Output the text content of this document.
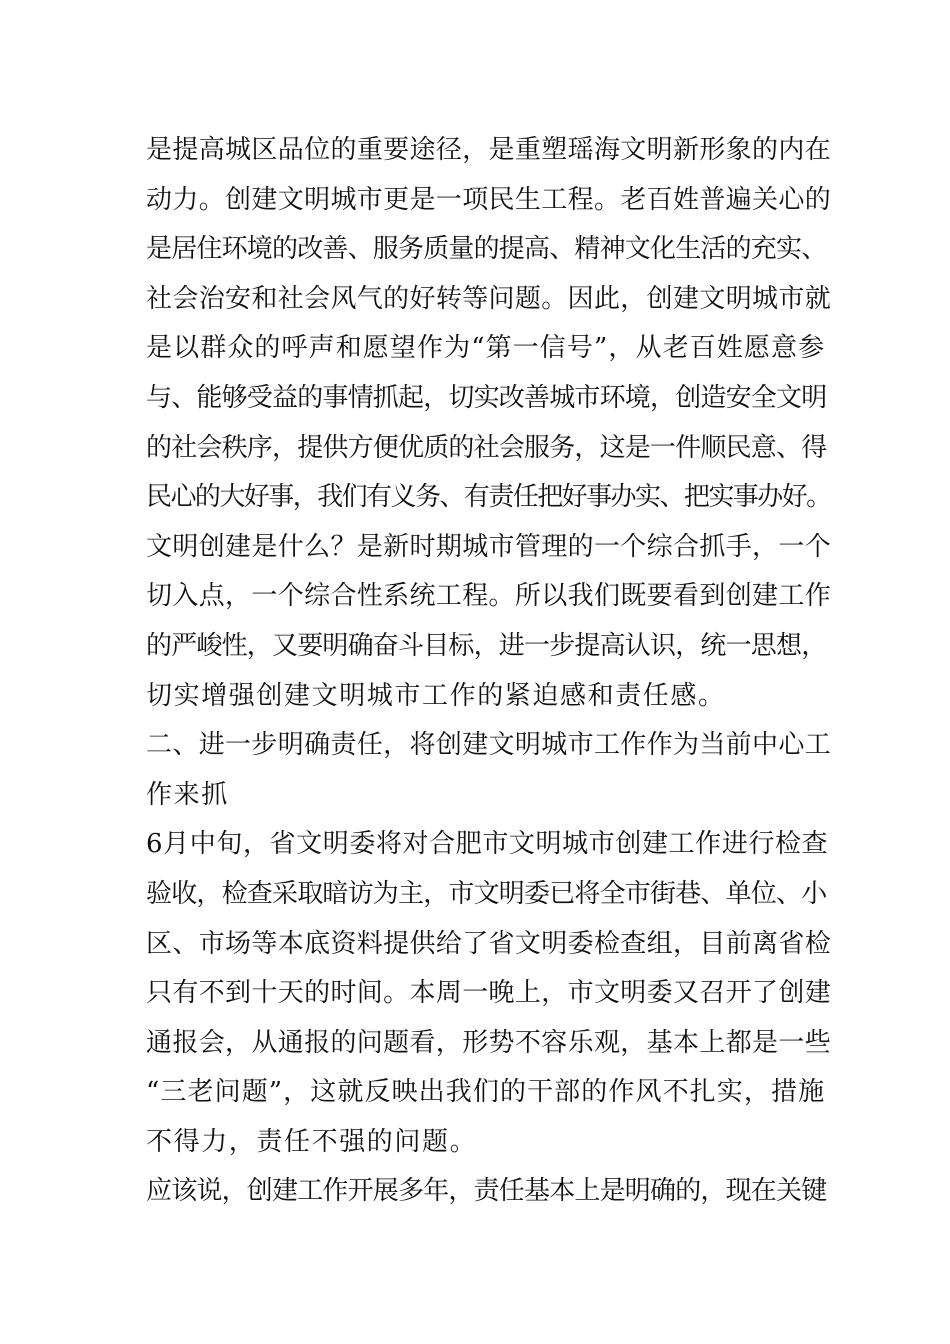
是提高城区品位的重要途径，是重塑瑶海文明新形象的内在
动力。创建文明城市更是一项民生工程。老百姓普遍关心的
是居住环境的改善、服务质量的提高、精神文化生活的充实、
社会治安和社会风气的好转等问题。因此，创建文明城市就
是以群众的呼声和愿望作为“第一信号”，从老百姓愿意参
与、能够受益的事情抓起，切实改善城市环境，创造安全文明
的社会秩序，提供方便优质的社会服务，这是一件顺民意、得
民心的大好事，我们有义务、有责任把好事办实、把实事办好。
文明创建是什么？是新时期城市管理的一个综合抓手，一个
切入点，一个综合性系统工程。所以我们既要看到创建工作
的严峻性，又要明确奋斗目标，进一步提高认识，统一思想，
切实增强创建文明城市工作的紧迫感和责任感。
二、进一步明确责任，将创建文明城市工作作为当前中心工
作来抓
6月中旬，省文明委将对合肥市文明城市创建工作进行检查
验收，检查采取暗访为主，市文明委已将全市街巷、单位、小
区、市场等本底资料提供给了省文明委检查组，目前离省检
只有不到十天的时间。本周一晚上，市文明委又召开了创建
通报会，从通报的问题看，形势不容乐观，基本上都是一些
“三老问题”，这就反映出我们的干部的作风不扎实，措施
不得力，责任不强的问题。
应该说，创建工作开展多年，责任基本上是明确的，现在关键
